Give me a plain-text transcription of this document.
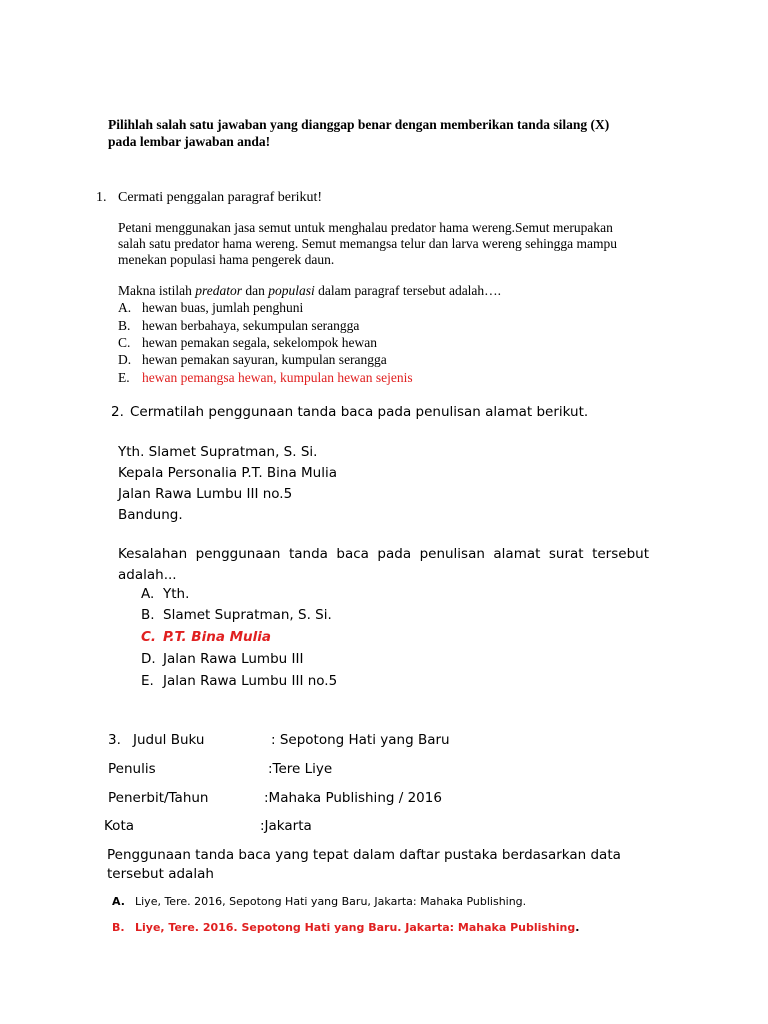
Pilihlah salah satu jawaban yang dianggap benar dengan memberikan tanda silang (X)
pada lembar jawaban anda!
1. Cermati penggalan paragraf berikut!
Petani menggunakan jasa semut untuk menghalau predator hama wereng.Semut merupakan
salah satu predator hama wereng. Semut memangsa telur dan larva wereng sehingga mampu
menekan populasi hama pengerek daun.
Makna istilah predator dan populasi dalam paragraf tersebut adalah….
A. hewan buas, jumlah penghuni
B. hewan berbahaya, sekumpulan serangga
C. hewan pemakan segala, sekelompok hewan
D. hewan pemakan sayuran, kumpulan serangga
E. hewan pemangsa hewan, kumpulan hewan sejenis
2. Cermatilah penggunaan tanda baca pada penulisan alamat berikut.
Yth. Slamet Supratman, S. Si.
Kepala Personalia P.T. Bina Mulia
Jalan Rawa Lumbu III no.5
Bandung.
Kesalahan penggunaan tanda baca pada penulisan alamat surat tersebut
adalah...
A. Yth.
B. Slamet Supratman, S. Si.
C. P.T. Bina Mulia
D. Jalan Rawa Lumbu III
E. Jalan Rawa Lumbu III no.5
3. Judul Buku	: Sepotong Hati yang Baru
Penulis	:Tere Liye
Penerbit/Tahun	:Mahaka Publishing / 2016
Kota	:Jakarta
Penggunaan tanda baca yang tepat dalam daftar pustaka berdasarkan data
tersebut adalah
A. Liye, Tere. 2016, Sepotong Hati yang Baru, Jakarta: Mahaka Publishing.
B. Liye, Tere. 2016. Sepotong Hati yang Baru. Jakarta: Mahaka Publishing.
